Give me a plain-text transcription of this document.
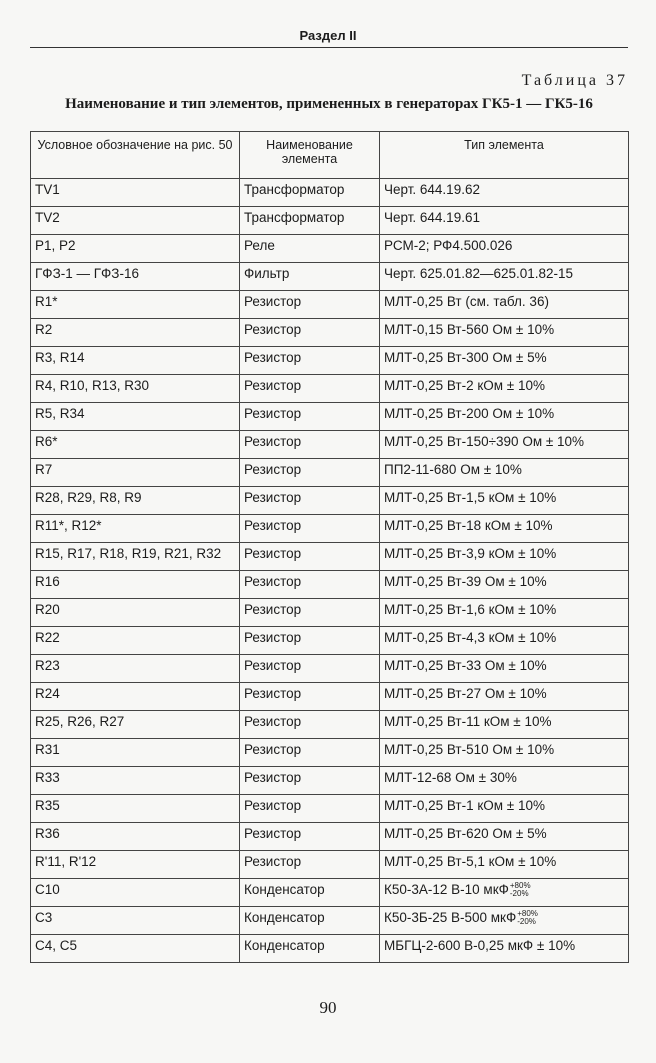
Раздел II
Таблица 37
Наименование и тип элементов, примененных в генераторах ГК5-1 — ГК5-16
Условное обозначение на рис. 50	Наименование элемента	Тип элемента
TV1	Трансформатор	Черт. 644.19.62
TV2	Трансформатор	Черт. 644.19.61
P1, P2	Реле	РСМ-2; РФ4.500.026
ГФЗ-1 — ГФЗ-16	Фильтр	Черт. 625.01.82—625.01.82-15
R1*	Резистор	МЛТ-0,25 Вт (см. табл. 36)
R2	Резистор	МЛТ-0,15 Вт-560 Ом ± 10%
R3, R14	Резистор	МЛТ-0,25 Вт-300 Ом ± 5%
R4, R10, R13, R30	Резистор	МЛТ-0,25 Вт-2 кОм ± 10%
R5, R34	Резистор	МЛТ-0,25 Вт-200 Ом ± 10%
R6*	Резистор	МЛТ-0,25 Вт-150÷390 Ом ± 10%
R7	Резистор	ПП2-11-680 Ом ± 10%
R28, R29, R8, R9	Резистор	МЛТ-0,25 Вт-1,5 кОм ± 10%
R11*, R12*	Резистор	МЛТ-0,25 Вт-18 кОм ± 10%
R15, R17, R18, R19, R21, R32	Резистор	МЛТ-0,25 Вт-3,9 кОм ± 10%
R16	Резистор	МЛТ-0,25 Вт-39 Ом ± 10%
R20	Резистор	МЛТ-0,25 Вт-1,6 кОм ± 10%
R22	Резистор	МЛТ-0,25 Вт-4,3 кОм ± 10%
R23	Резистор	МЛТ-0,25 Вт-33 Ом ± 10%
R24	Резистор	МЛТ-0,25 Вт-27 Ом ± 10%
R25, R26, R27	Резистор	МЛТ-0,25 Вт-11 кОм ± 10%
R31	Резистор	МЛТ-0,25 Вт-510 Ом ± 10%
R33	Резистор	МЛТ-12-68 Ом ± 30%
R35	Резистор	МЛТ-0,25 Вт-1 кОм ± 10%
R36	Резистор	МЛТ-0,25 Вт-620 Ом ± 5%
R'11, R'12	Резистор	МЛТ-0,25 Вт-5,1 кОм ± 10%
C10	Конденсатор	К50-3А-12 В-10 мкФ +80%
-20%

C3	Конденсатор	К50-3Б-25 В-500 мкФ +80%
-20%

C4, C5	Конденсатор	МБГЦ-2-600 В-0,25 мкФ ± 10%
90
